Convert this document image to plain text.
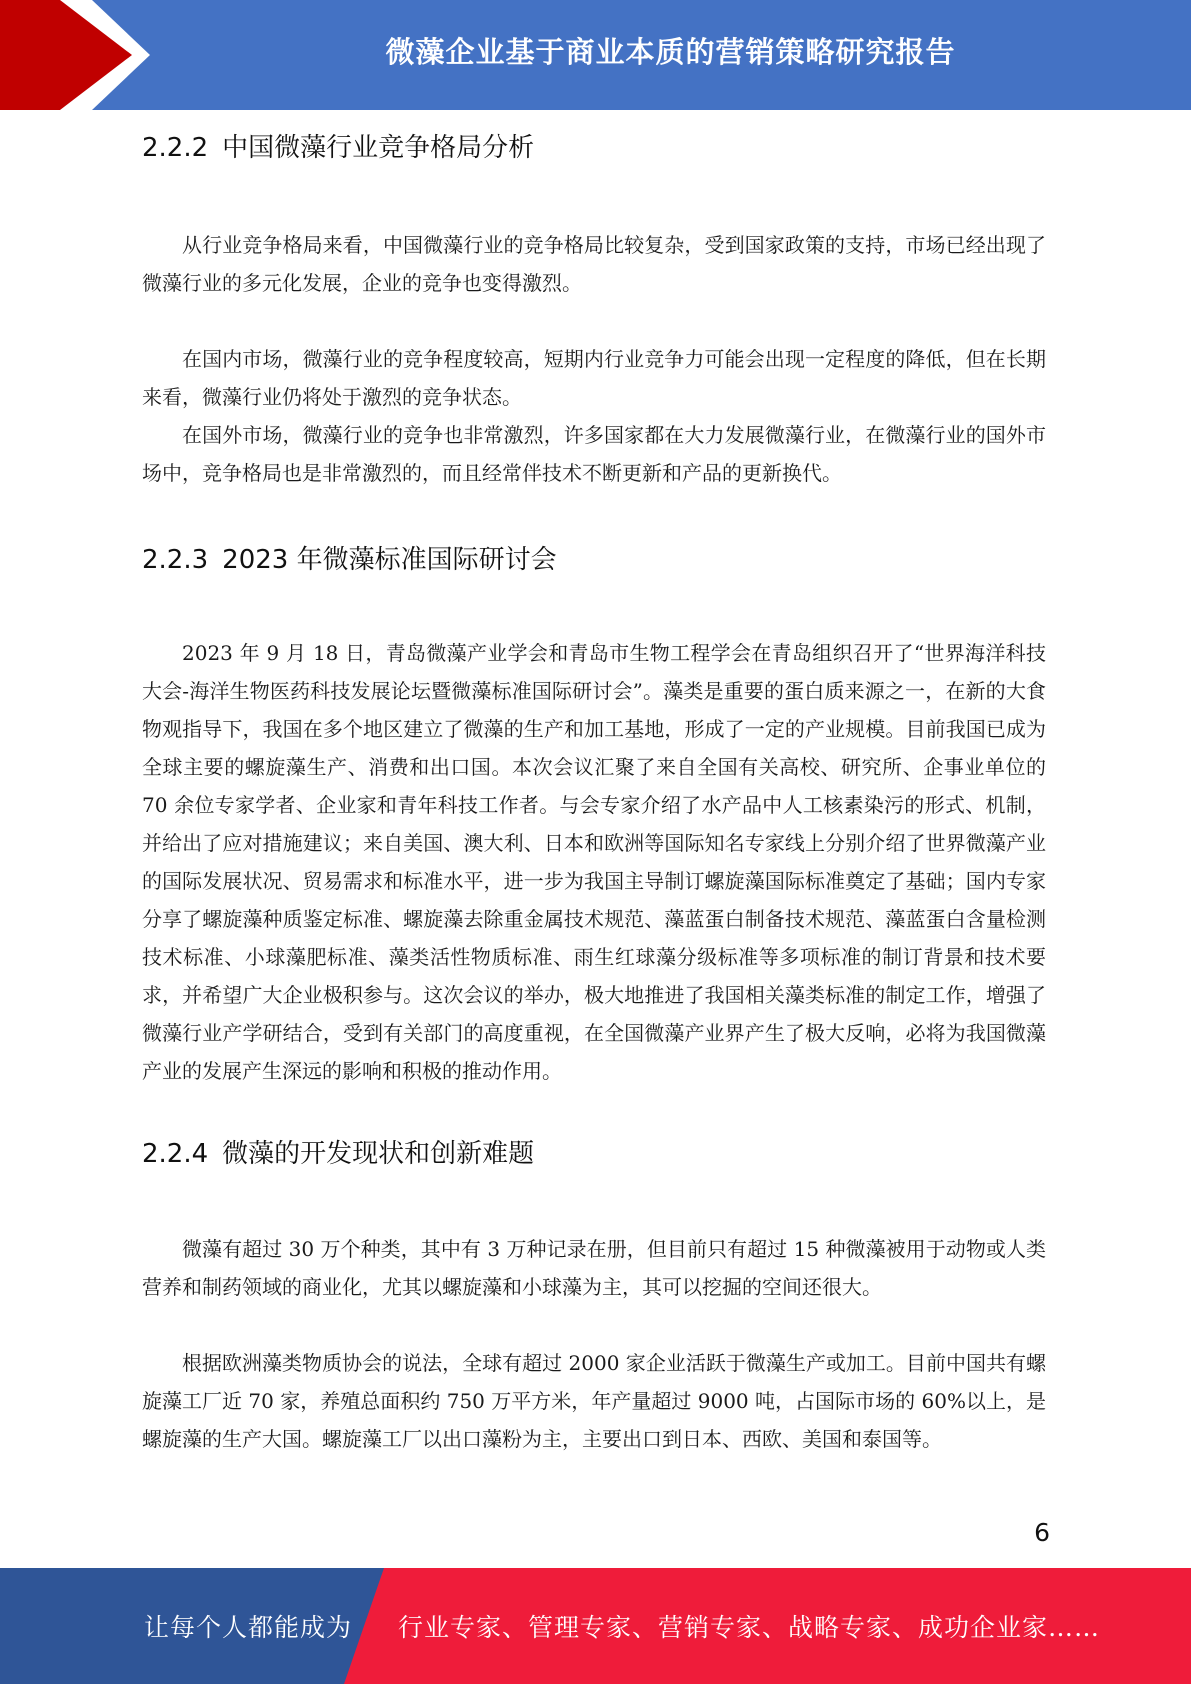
微藻企业基于商业本质的营销策略研究报告
2.2.2 中国微藻行业竞争格局分析

从行业竞争格局来看，中国微藻行业的竞争格局比较复杂，受到国家政策的支持，市场已经出现了微藻行业的多元化发展，企业的竞争也变得激烈。

在国内市场，微藻行业的竞争程度较高，短期内行业竞争力可能会出现一定程度的降低，但在长期来看，微藻行业仍将处于激烈的竞争状态。

在国外市场，微藻行业的竞争也非常激烈，许多国家都在大力发展微藻行业，在微藻行业的国外市场中，竞争格局也是非常激烈的，而且经常伴技术不断更新和产品的更新换代。

2.2.3 2023 年微藻标准国际研讨会

2023 年 9 月 18 日，青岛微藻产业学会和青岛市生物工程学会在青岛组织召开了“世界海洋科技大会-海洋生物医药科技发展论坛暨微藻标准国际研讨会”。藻类是重要的蛋白质来源之一，在新的大食物观指导下，我国在多个地区建立了微藻的生产和加工基地，形成了一定的产业规模。目前我国已成为全球主要的螺旋藻生产、消费和出口国。本次会议汇聚了来自全国有关高校、研究所、企事业单位的 70 余位专家学者、企业家和青年科技工作者。与会专家介绍了水产品中人工核素染污的形式、机制，并给出了应对措施建议；来自美国、澳大利、日本和欧洲等国际知名专家线上分别介绍了世界微藻产业的国际发展状况、贸易需求和标准水平，进一步为我国主导制订螺旋藻国际标准奠定了基础；国内专家分享了螺旋藻种质鉴定标准、螺旋藻去除重金属技术规范、藻蓝蛋白制备技术规范、藻蓝蛋白含量检测技术标准、小球藻肥标准、藻类活性物质标准、雨生红球藻分级标准等多项标准的制订背景和技术要求，并希望广大企业极积参与。这次会议的举办，极大地推进了我国相关藻类标准的制定工作，增强了微藻行业产学研结合，受到有关部门的高度重视，在全国微藻产业界产生了极大反响，必将为我国微藻产业的发展产生深远的影响和积极的推动作用。

2.2.4 微藻的开发现状和创新难题

微藻有超过 30 万个种类，其中有 3 万种记录在册，但目前只有超过 15 种微藻被用于动物或人类营养和制药领域的商业化，尤其以螺旋藻和小球藻为主，其可以挖掘的空间还很大。

根据欧洲藻类物质协会的说法，全球有超过 2000 家企业活跃于微藻生产或加工。目前中国共有螺旋藻工厂近 70 家，养殖总面积约 750 万平方米，年产量超过 9000 吨，占国际市场的 60%以上，是螺旋藻的生产大国。螺旋藻工厂以出口藻粉为主，主要出口到日本、西欧、美国和泰国等。

6
让每个人都能成为 行业专家、管理专家、营销专家、战略专家、成功企业家……
